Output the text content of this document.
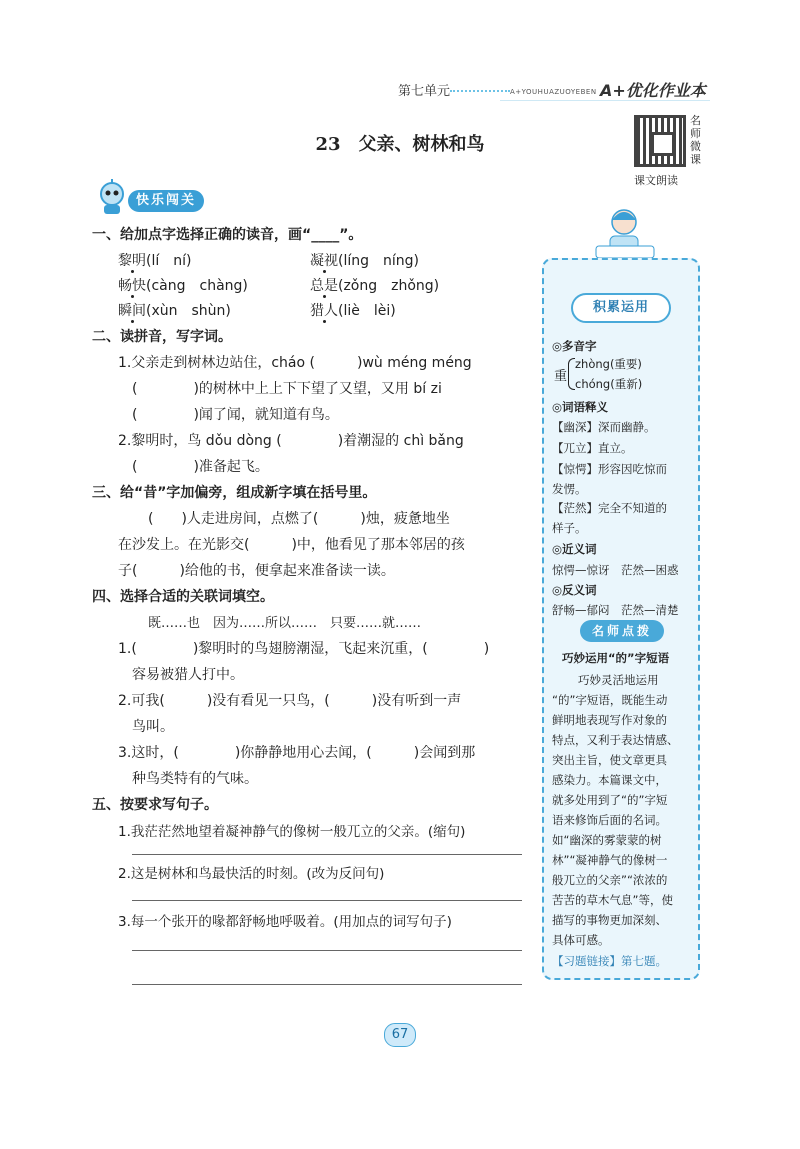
第七单元	A+YOUHUAZUOYEBEN A+优化作业本
23　父亲、树林和鸟
名师微课
课文朗读
快乐闯关
一、给加点字选择正确的读音，画“____”。
黎明(lí　ní)	凝视(líng　níng)
畅快(càng　chàng)	总是(zǒng　zhǒng)
瞬间(xùn　shùn)	猎人(liè　lèi)
二、读拼音，写字词。
1.父亲走到树林边站住，cháo (　　　)wù méng méng
(　　　　)的树林中上上下下望了又望，又用 bí zi
(　　　　)闻了闻，就知道有鸟。
2.黎明时，鸟 dǒu dòng (　　　　)着潮湿的 chì bǎng
(　　　　)准备起飞。
三、给“昔”字加偏旁，组成新字填在括号里。
(　　)人走进房间，点燃了(　　　)烛，疲惫地坐
在沙发上。在光影交(　　　)中，他看见了那本邻居的孩
子(　　　)给他的书，便拿起来准备读一读。
四、选择合适的关联词填空。
既……也　因为……所以……　只要……就……
1.(　　　　)黎明时的鸟翅膀潮湿，飞起来沉重，(　　　　)
容易被猎人打中。
2.可我(　　　)没有看见一只鸟，(　　　)没有听到一声
鸟叫。
3.这时，(　　　　)你静静地用心去闻，(　　　)会闻到那
种鸟类特有的气味。
五、按要求写句子。
1.我茫茫然地望着凝神静气的像树一般兀立的父亲。(缩句)
2.这是树林和鸟最快活的时刻。(改为反问句)
3.每一个张开的喙都舒畅地呼吸着。(用加点的词写句子)
积累运用
◎多音字
重
zhòng(重要)
chóng(重新)
◎词语释义
【幽深】深而幽静。
【兀立】直立。
【惊愕】形容因吃惊而
发愣。
【茫然】完全不知道的
样子。
◎近义词
惊愕—惊讶　茫然—困惑
◎反义词
舒畅—郁闷　茫然—清楚
名师点拨
巧妙运用“的”字短语
巧妙灵活地运用
“的”字短语，既能生动
鲜明地表现写作对象的
特点，又利于表达情感、
突出主旨，使文章更具
感染力。本篇课文中，
就多处用到了“的”字短
语来修饰后面的名词。
如“幽深的雾蒙蒙的树
林”“凝神静气的像树一
般兀立的父亲”“浓浓的
苦苦的草木气息”等，使
描写的事物更加深刻、
具体可感。
【习题链接】第七题。
67
